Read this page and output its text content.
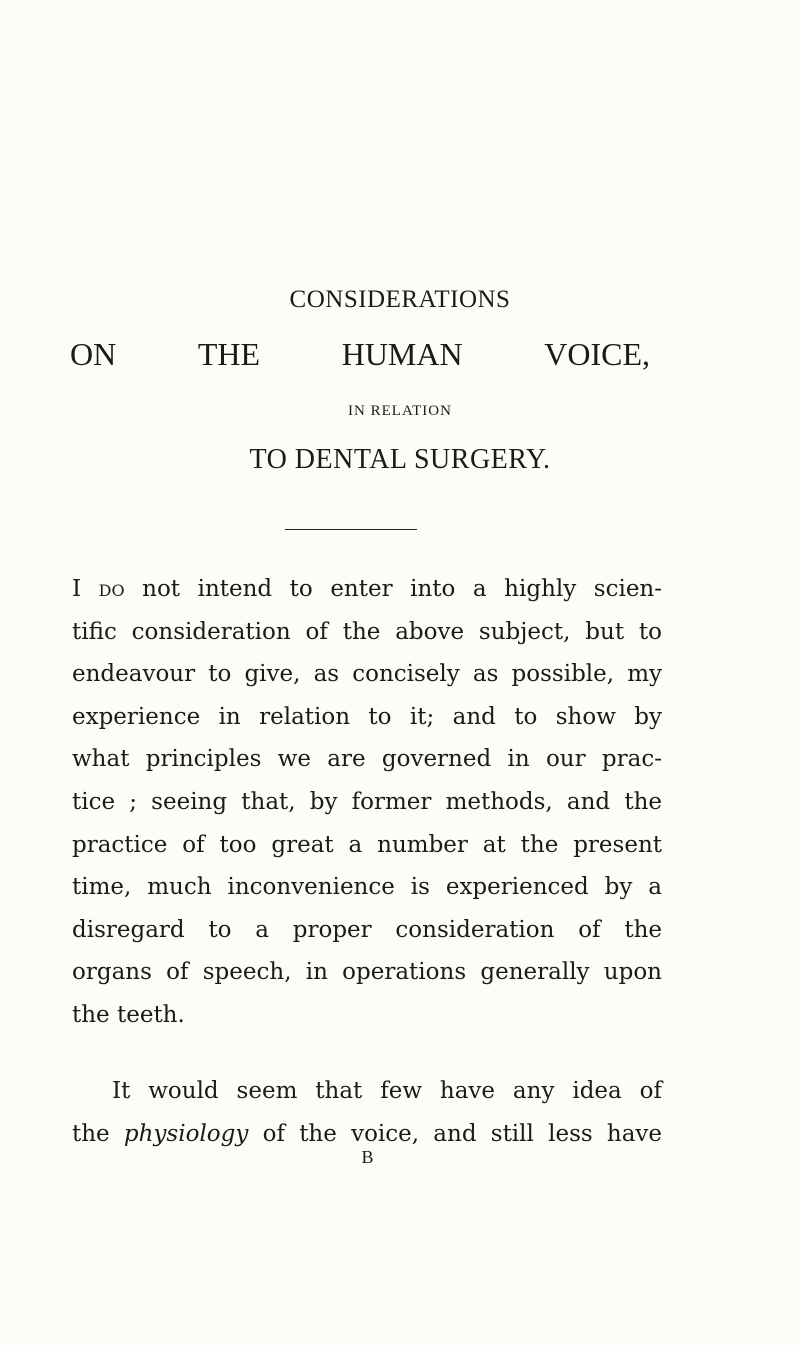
CONSIDERATIONS
ON	THE	HUMAN	VOICE,
IN RELATION
TO DENTAL SURGERY.
I do not intend to enter into a highly scien-
tific consideration of the above subject, but to
endeavour to give, as concisely as possible, my
experience in relation to it; and to show by
what principles we are governed in our prac-
tice ; seeing that, by former methods, and the
practice of too great a number at the present
time, much inconvenience is experienced by a
disregard to a proper consideration of the
organs of speech, in operations generally upon
the teeth.
It would seem that few have any idea of
the physiology of the voice, and still less have
B
